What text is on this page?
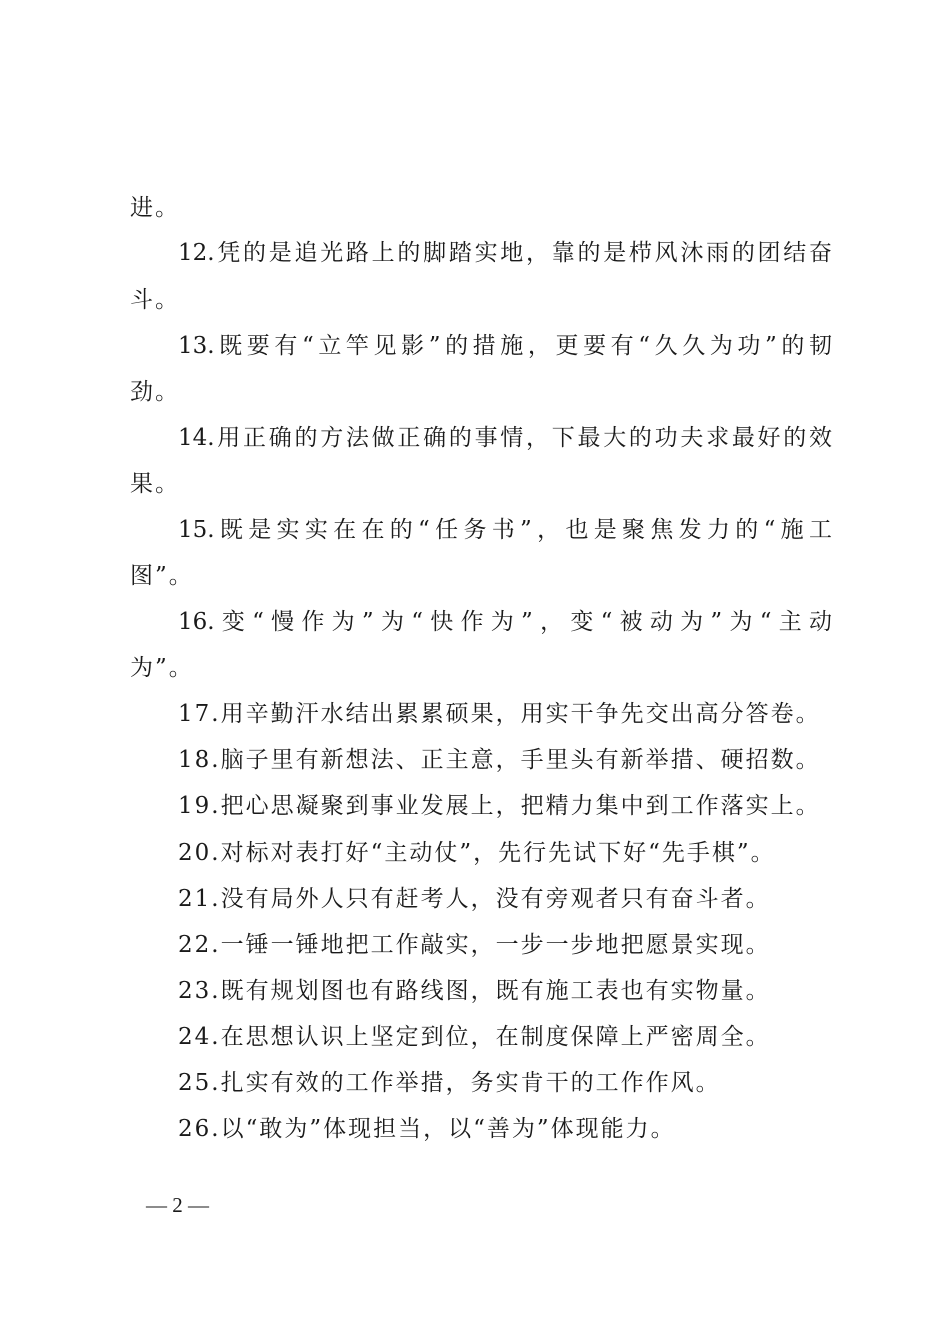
进。
12.凭的是追光路上的脚踏实地，靠的是栉风沐雨的团结奋
斗。
13.既要有“立竿见影”的措施，更要有“久久为功”的韧
劲。
14.用正确的方法做正确的事情，下最大的功夫求最好的效
果。
15.既是实实在在的“任务书”，也是聚焦发力的“施工
图”。
16.变“慢作为”为“快作为”，变“被动为”为“主动
为”。
17.用辛勤汗水结出累累硕果，用实干争先交出高分答卷。
18.脑子里有新想法、正主意，手里头有新举措、硬招数。
19.把心思凝聚到事业发展上，把精力集中到工作落实上。
20.对标对表打好“主动仗”，先行先试下好“先手棋”。
21.没有局外人只有赶考人，没有旁观者只有奋斗者。
22.一锤一锤地把工作敲实，一步一步地把愿景实现。
23.既有规划图也有路线图，既有施工表也有实物量。
24.在思想认识上坚定到位，在制度保障上严密周全。
25.扎实有效的工作举措，务实肯干的工作作风。
26.以“敢为”体现担当，以“善为”体现能力。
— 2 —
